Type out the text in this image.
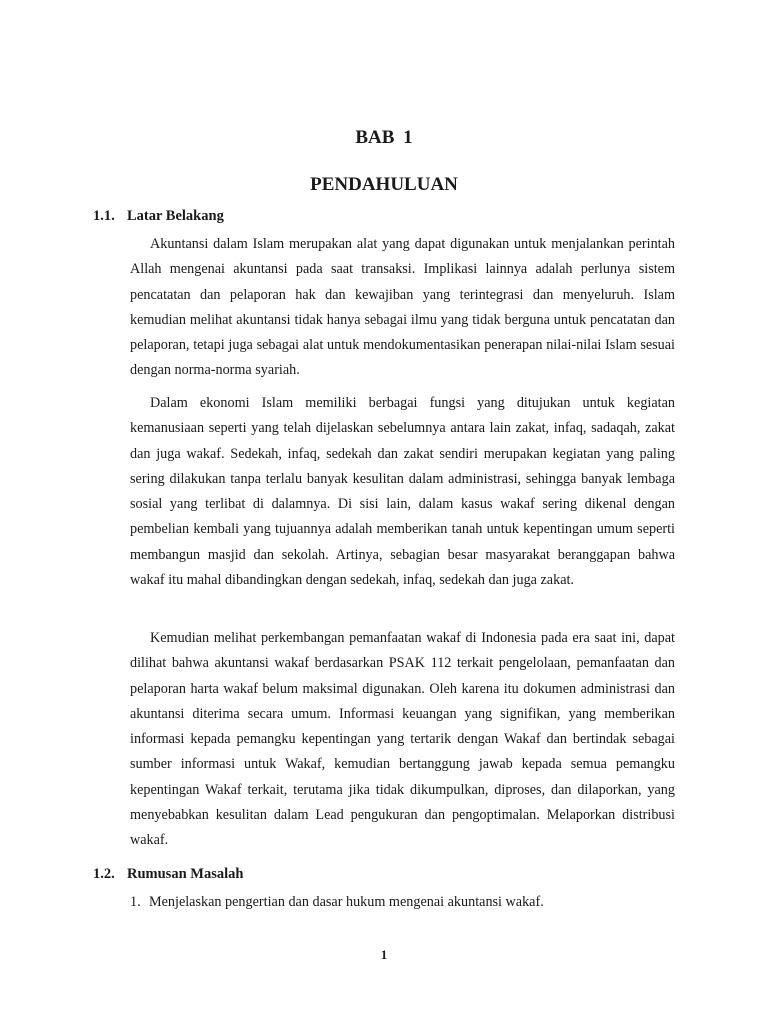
BAB 1
PENDAHULUAN
1.1. Latar Belakang

Akuntansi dalam Islam merupakan alat yang dapat digunakan untuk menjalankan perintah Allah mengenai akuntansi pada saat transaksi. Implikasi lainnya adalah perlunya sistem pencatatan dan pelaporan hak dan kewajiban yang terintegrasi dan menyeluruh. Islam kemudian melihat akuntansi tidak hanya sebagai ilmu yang tidak berguna untuk pencatatan dan pelaporan, tetapi juga sebagai alat untuk mendokumentasikan penerapan nilai-nilai Islam sesuai dengan norma-norma syariah.

Dalam ekonomi Islam memiliki berbagai fungsi yang ditujukan untuk kegiatan kemanusiaan seperti yang telah dijelaskan sebelumnya antara lain zakat, infaq, sadaqah, zakat dan juga wakaf. Sedekah, infaq, sedekah dan zakat sendiri merupakan kegiatan yang paling sering dilakukan tanpa terlalu banyak kesulitan dalam administrasi, sehingga banyak lembaga sosial yang terlibat di dalamnya. Di sisi lain, dalam kasus wakaf sering dikenal dengan pembelian kembali yang tujuannya adalah memberikan tanah untuk kepentingan umum seperti membangun masjid dan sekolah. Artinya, sebagian besar masyarakat beranggapan bahwa wakaf itu mahal dibandingkan dengan sedekah, infaq, sedekah dan juga zakat.

Kemudian melihat perkembangan pemanfaatan wakaf di Indonesia pada era saat ini, dapat dilihat bahwa akuntansi wakaf berdasarkan PSAK 112 terkait pengelolaan, pemanfaatan dan pelaporan harta wakaf belum maksimal digunakan. Oleh karena itu dokumen administrasi dan akuntansi diterima secara umum. Informasi keuangan yang signifikan, yang memberikan informasi kepada pemangku kepentingan yang tertarik dengan Wakaf dan bertindak sebagai sumber informasi untuk Wakaf, kemudian bertanggung jawab kepada semua pemangku kepentingan Wakaf terkait, terutama jika tidak dikumpulkan, diproses, dan dilaporkan, yang menyebabkan kesulitan dalam Lead pengukuran dan pengoptimalan. Melaporkan distribusi wakaf.

1.2. Rumusan Masalah
1. Menjelaskan pengertian dan dasar hukum mengenai akuntansi wakaf.
1
